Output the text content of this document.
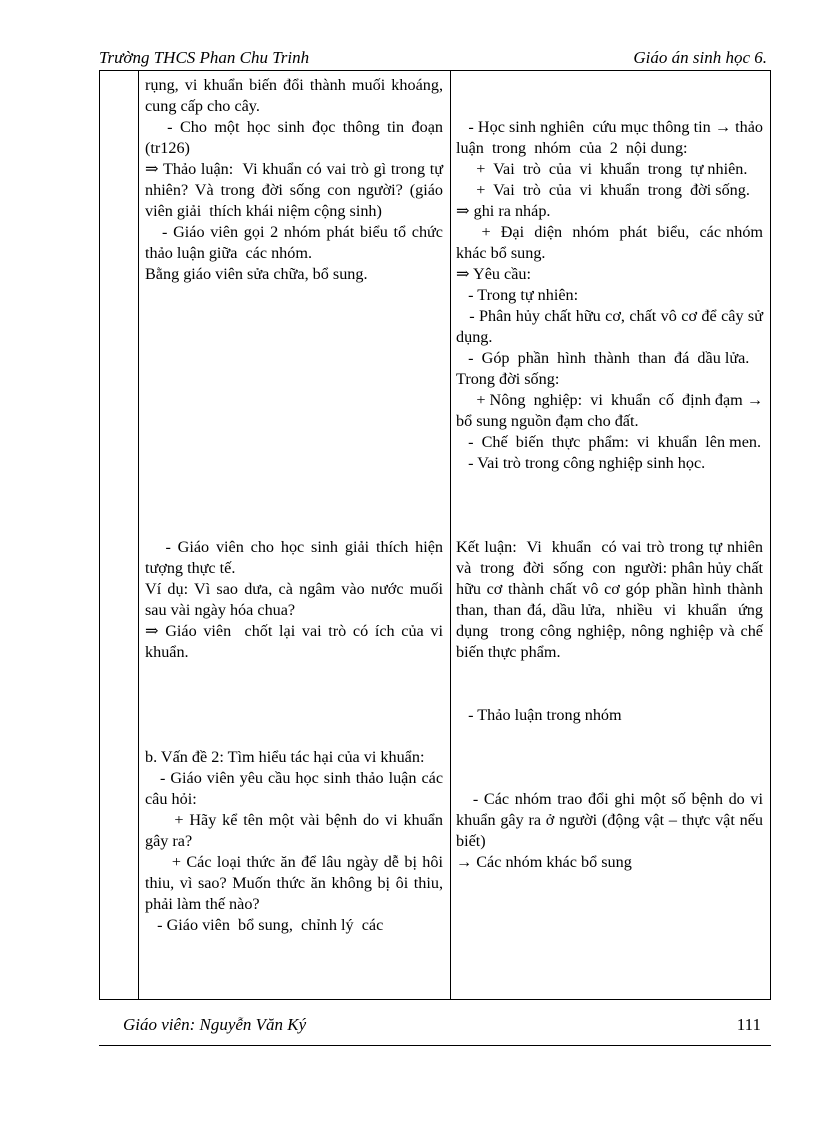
Trường THCS Phan Chu Trinh	Giáo án sinh học 6.
rụng, vi khuẩn biến đổi thành muối khoáng, cung cấp cho cây.
- Cho một học sinh đọc thông tin đoạn (tr126)
⇒ Thảo luận:  Vi khuẩn có vai trò gì trong tự nhiên? Và trong đời sống con người? (giáo viên giải  thích khái niệm cộng sinh)
- Giáo viên gọi 2 nhóm phát biểu tổ chức thảo luận giữa  các nhóm.
Bằng giáo viên sửa chữa, bổ sung.
- Giáo viên cho học sinh giải thích hiện tượng thực tế.
Ví dụ: Vì sao dưa, cà ngâm vào nước muối sau vài ngày hóa chua?
⇒ Giáo viên  chốt lại vai trò có ích của vi khuẩn.
b. Vấn đề 2: Tìm hiểu tác hại của vi khuẩn:
- Giáo viên yêu cầu học sinh thảo luận các câu hỏi:
+ Hãy kể tên một vài bệnh do vi khuẩn gây ra?
+ Các loại thức ăn để lâu ngày dễ bị hôi thiu, vì sao? Muốn thức ăn không bị ôi thiu, phải làm thế nào?
- Giáo viên  bổ sung,  chỉnh lý  các
- Học sinh nghiên  cứu mục thông tin → thảo  luận  trong  nhóm  của  2  nội dung:
+  Vai  trò  của  vi  khuẩn  trong  tự nhiên.
+  Vai  trò  của  vi  khuẩn  trong  đời sống.
⇒ ghi ra nháp.
+  Đại  diện  nhóm  phát  biểu,  các nhóm khác bổ sung.
⇒ Yêu cầu:
- Trong tự nhiên:
- Phân hủy chất hữu cơ, chất vô cơ để cây sử dụng.
-  Góp  phần  hình  thành  than  đá  dầu lửa.
Trong đời sống:
+ Nông  nghiệp:  vi  khuẩn  cố  định đạm → bổ sung nguồn đạm cho đất.
-  Chế  biến  thực  phẩm:  vi  khuẩn  lên men.
- Vai trò trong công nghiệp sinh học.
Kết luận:  Vi  khuẩn  có vai trò trong tự nhiên  và  trong  đời  sống  con  người: phân hủy chất hữu cơ thành chất vô cơ góp phần hình thành than, than đá, dầu lửa,  nhiều  vi  khuẩn  ứng  dụng  trong công nghiệp, nông nghiệp và chế biến thực phẩm.
- Thảo luận trong nhóm
- Các nhóm trao đổi ghi một số bệnh do vi khuẩn gây ra ở người (động vật – thực vật nếu biết)
→ Các nhóm khác bổ sung
Giáo viên: Nguyễn Văn Ký	111
